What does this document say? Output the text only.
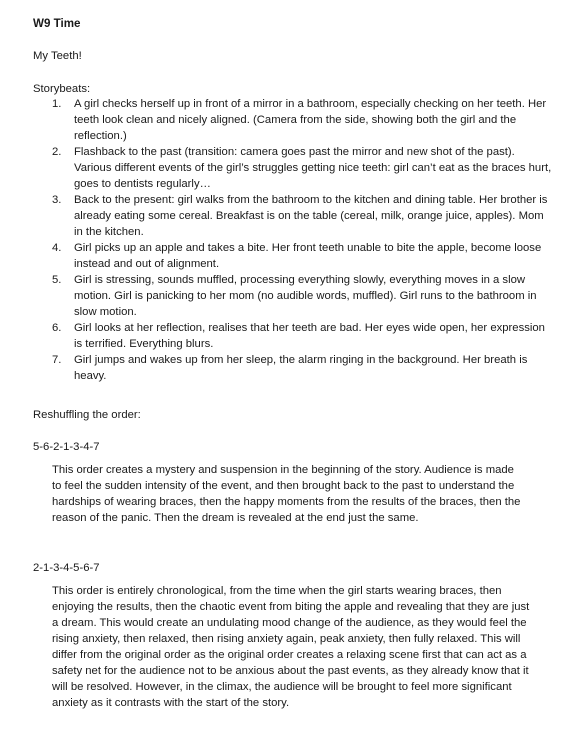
W9 Time
My Teeth!
Storybeats:
1. A girl checks herself up in front of a mirror in a bathroom, especially checking on her teeth. Her teeth look clean and nicely aligned. (Camera from the side, showing both the girl and the reflection.)
2. Flashback to the past (transition: camera goes past the mirror and new shot of the past). Various different events of the girl’s struggles getting nice teeth: girl can’t eat as the braces hurt, goes to dentists regularly…
3. Back to the present: girl walks from the bathroom to the kitchen and dining table. Her brother is already eating some cereal. Breakfast is on the table (cereal, milk, orange juice, apples). Mom in the kitchen.
4. Girl picks up an apple and takes a bite. Her front teeth unable to bite the apple, become loose instead and out of alignment.
5. Girl is stressing, sounds muffled, processing everything slowly, everything moves in a slow motion. Girl is panicking to her mom (no audible words, muffled). Girl runs to the bathroom in slow motion.
6. Girl looks at her reflection, realises that her teeth are bad. Her eyes wide open, her expression is terrified. Everything blurs.
7. Girl jumps and wakes up from her sleep, the alarm ringing in the background. Her breath is heavy.
Reshuffling the order:
5-6-2-1-3-4-7
This order creates a mystery and suspension in the beginning of the story. Audience is made to feel the sudden intensity of the event, and then brought back to the past to understand the hardships of wearing braces, then the happy moments from the results of the braces, then the reason of the panic. Then the dream is revealed at the end just the same.
2-1-3-4-5-6-7
This order is entirely chronological, from the time when the girl starts wearing braces, then enjoying the results, then the chaotic event from biting the apple and revealing that they are just a dream. This would create an undulating mood change of the audience, as they would feel the rising anxiety, then relaxed, then rising anxiety again, peak anxiety, then fully relaxed. This will differ from the original order as the original order creates a relaxing scene first that can act as a safety net for the audience not to be anxious about the past events, as they already know that it will be resolved. However, in the climax, the audience will be brought to feel more significant anxiety as it contrasts with the start of the story.
